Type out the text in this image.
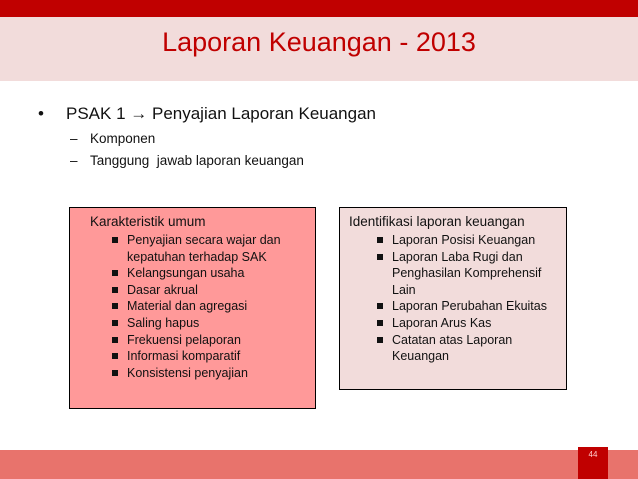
Laporan Keuangan - 2013
• PSAK 1 → Penyajian Laporan Keuangan
– Komponen
– Tanggung  jawab laporan keuangan
Karakteristik umum
Penyajian secara wajar dan kepatuhan terhadap SAK
Kelangsungan usaha
Dasar akrual
Material dan agregasi
Saling hapus
Frekuensi pelaporan
Informasi komparatif
Konsistensi penyajian
Identifikasi laporan keuangan
Laporan Posisi Keuangan
Laporan Laba Rugi dan Penghasilan Komprehensif Lain
Laporan Perubahan Ekuitas
Laporan Arus Kas
Catatan atas Laporan Keuangan
44
